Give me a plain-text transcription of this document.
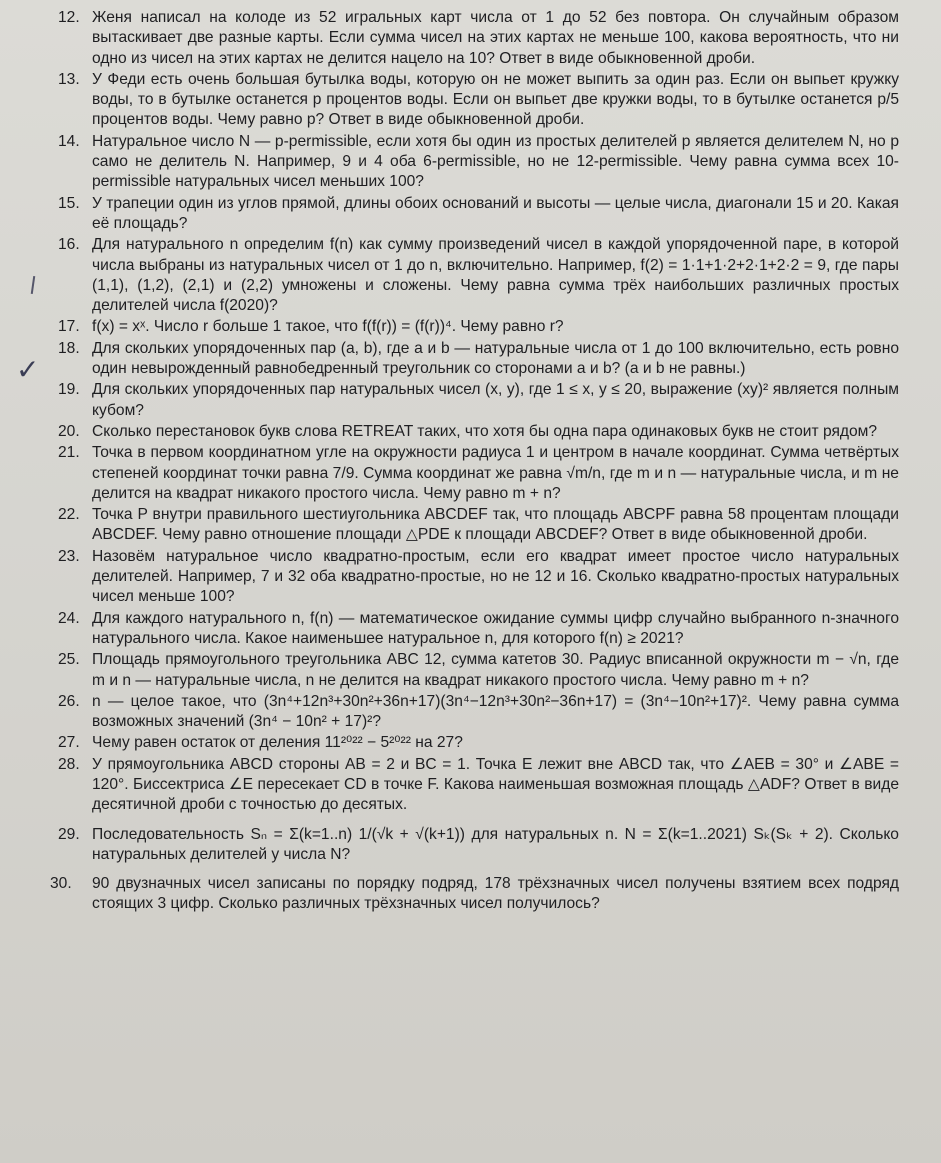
✓
12. Женя написал на колоде из 52 игральных карт числа от 1 до 52 без повтора. Он случайным образом вытаскивает две разные карты. Если сумма чисел на этих картах не меньше 100, какова вероятность, что ни одно из чисел на этих картах не делится нацело на 10? Ответ в виде обыкновенной дроби.
13. У Феди есть очень большая бутылка воды, которую он не может выпить за один раз. Если он выпьет кружку воды, то в бутылке останется p процентов воды. Если он выпьет две кружки воды, то в бутылке останется p/5 процентов воды. Чему равно p? Ответ в виде обыкновенной дроби.
14. Натуральное число N — p-permissible, если хотя бы один из простых делителей p является делителем N, но p само не делитель N. Например, 9 и 4 оба 6-permissible, но не 12-permissible. Чему равна сумма всех 10-permissible натуральных чисел меньших 100?
15. У трапеции один из углов прямой, длины обоих оснований и высоты — целые числа, диагонали 15 и 20. Какая её площадь?
16. Для натурального n определим f(n) как сумму произведений чисел в каждой упорядоченной паре, в которой числа выбраны из натуральных чисел от 1 до n, включительно. Например, f(2) = 1·1+1·2+2·1+2·2 = 9, где пары (1,1), (1,2), (2,1) и (2,2) умножены и сложены. Чему равна сумма трёх наибольших различных простых делителей числа f(2020)?
17. f(x) = xˣ. Число r больше 1 такое, что f(f(r)) = (f(r))⁴. Чему равно r?
18. Для скольких упорядоченных пар (a, b), где a и b — натуральные числа от 1 до 100 включительно, есть ровно один невырожденный равнобедренный треугольник со сторонами a и b? (a и b не равны.)
19. Для скольких упорядоченных пар натуральных чисел (x, y), где 1 ≤ x, y ≤ 20, выражение (xy)² является полным кубом?
20. Сколько перестановок букв слова RETREAT таких, что хотя бы одна пара одинаковых букв не стоит рядом?
21. Точка в первом координатном угле на окружности радиуса 1 и центром в начале координат. Сумма четвёртых степеней координат точки равна 7/9. Сумма координат же равна √m/n, где m и n — натуральные числа, и m не делится на квадрат никакого простого числа. Чему равно m + n?
22. Точка P внутри правильного шестиугольника ABCDEF так, что площадь ABCPF равна 58 процентам площади ABCDEF. Чему равно отношение площади △PDE к площади ABCDEF? Ответ в виде обыкновенной дроби.
23. Назовём натуральное число квадратно-простым, если его квадрат имеет простое число натуральных делителей. Например, 7 и 32 оба квадратно-простые, но не 12 и 16. Сколько квадратно-простых натуральных чисел меньше 100?
24. Для каждого натурального n, f(n) — математическое ожидание суммы цифр случайно выбранного n-значного натурального числа. Какое наименьшее натуральное n, для которого f(n) ≥ 2021?
25. Площадь прямоугольного треугольника ABC 12, сумма катетов 30. Радиус вписанной окружности m − √n, где m и n — натуральные числа, n не делится на квадрат никакого простого числа. Чему равно m + n?
26. n — целое такое, что (3n⁴+12n³+30n²+36n+17)(3n⁴−12n³+30n²−36n+17) = (3n⁴−10n²+17)². Чему равна сумма возможных значений (3n⁴ − 10n² + 17)²?
27. Чему равен остаток от деления 11²⁰²² − 5²⁰²² на 27?
28. У прямоугольника ABCD стороны AB = 2 и BC = 1. Точка E лежит вне ABCD так, что ∠AEB = 30° и ∠ABE = 120°. Биссектриса ∠E пересекает CD в точке F. Какова наименьшая возможная площадь △ADF? Ответ в виде десятичной дроби с точностью до десятых.
29. Последовательность Sₙ = Σ(k=1..n) 1/(√k + √(k+1)) для натуральных n. N = Σ(k=1..2021) Sₖ(Sₖ + 2). Сколько натуральных делителей у числа N?
30.	90 двузначных чисел записаны по порядку подряд, 178 трёхзначных чисел получены взятием всех подряд стоящих 3 цифр. Сколько различных трёхзначных чисел получилось?
